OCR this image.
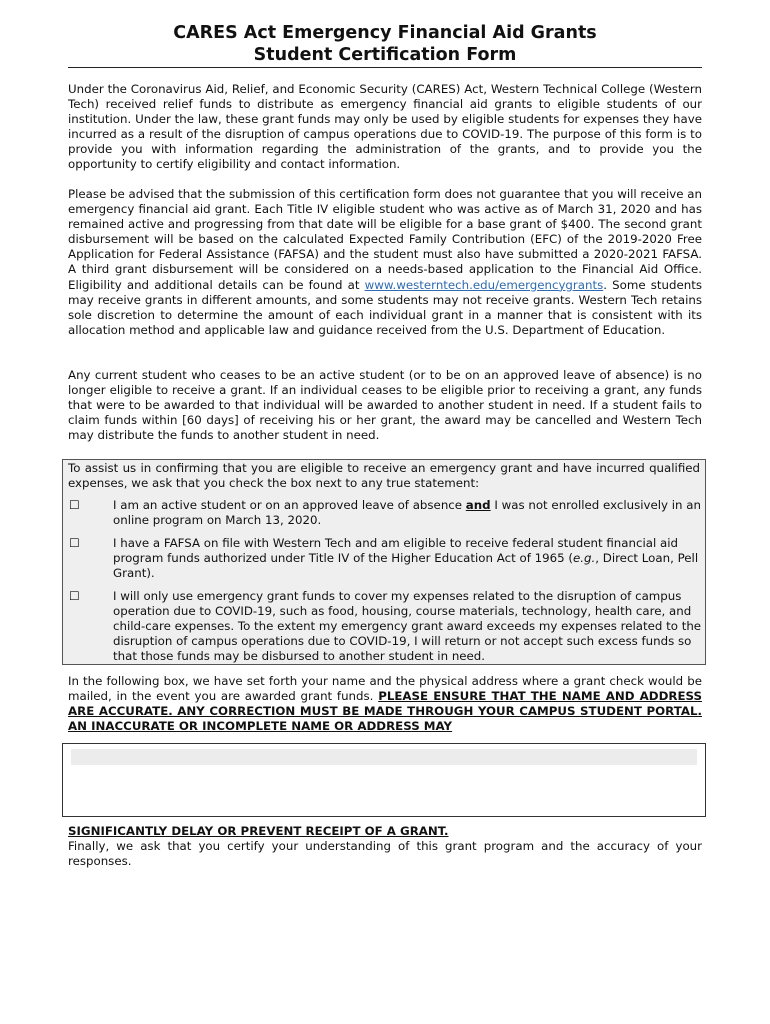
CARES Act Emergency Financial Aid Grants
Student Certification Form

Under the Coronavirus Aid, Relief, and Economic Security (CARES) Act, Western Technical College (Western Tech) received relief funds to distribute as emergency financial aid grants to eligible students of our institution. Under the law, these grant funds may only be used by eligible students for expenses they have incurred as a result of the disruption of campus operations due to COVID-19. The purpose of this form is to provide you with information regarding the administration of the grants, and to provide you the opportunity to certify eligibility and contact information.

Please be advised that the submission of this certification form does not guarantee that you will receive an emergency financial aid grant. Each Title IV eligible student who was active as of March 31, 2020 and has remained active and progressing from that date will be eligible for a base grant of $400. The second grant disbursement will be based on the calculated Expected Family Contribution (EFC) of the 2019-2020 Free Application for Federal Assistance (FAFSA) and the student must also have submitted a 2020-2021 FAFSA. A third grant disbursement will be considered on a needs-based application to the Financial Aid Office. Eligibility and additional details can be found at www.westerntech.edu/emergencygrants. Some students may receive grants in different amounts, and some students may not receive grants. Western Tech retains sole discretion to determine the amount of each individual grant in a manner that is consistent with its allocation method and applicable law and guidance received from the U.S. Department of Education.

Any current student who ceases to be an active student (or to be on an approved leave of absence) is no longer eligible to receive a grant. If an individual ceases to be eligible prior to receiving a grant, any funds that were to be awarded to that individual will be awarded to another student in need. If a student fails to claim funds within [60 days] of receiving his or her grant, the award may be cancelled and Western Tech may distribute the funds to another student in need.

To assist us in confirming that you are eligible to receive an emergency grant and have incurred qualified expenses, we ask that you check the box next to any true statement:

☐	I am an active student or on an approved leave of absence and I was not enrolled exclusively in an online program on March 13, 2020.

☐	I have a FAFSA on file with Western Tech and am eligible to receive federal student financial aid program funds authorized under Title IV of the Higher Education Act of 1965 (e.g., Direct Loan, Pell Grant).

☐	I will only use emergency grant funds to cover my expenses related to the disruption of campus operation due to COVID-19, such as food, housing, course materials, technology, health care, and child-care expenses. To the extent my emergency grant award exceeds my expenses related to the disruption of campus operations due to COVID-19, I will return or not accept such excess funds so that those funds may be disbursed to another student in need.

In the following box, we have set forth your name and the physical address where a grant check would be mailed, in the event you are awarded grant funds. PLEASE ENSURE THAT THE NAME AND ADDRESS ARE ACCURATE. ANY CORRECTION MUST BE MADE THROUGH YOUR CAMPUS STUDENT PORTAL. AN INACCURATE OR INCOMPLETE NAME OR ADDRESS MAY

SIGNIFICANTLY DELAY OR PREVENT RECEIPT OF A GRANT.

Finally, we ask that you certify your understanding of this grant program and the accuracy of your responses.
